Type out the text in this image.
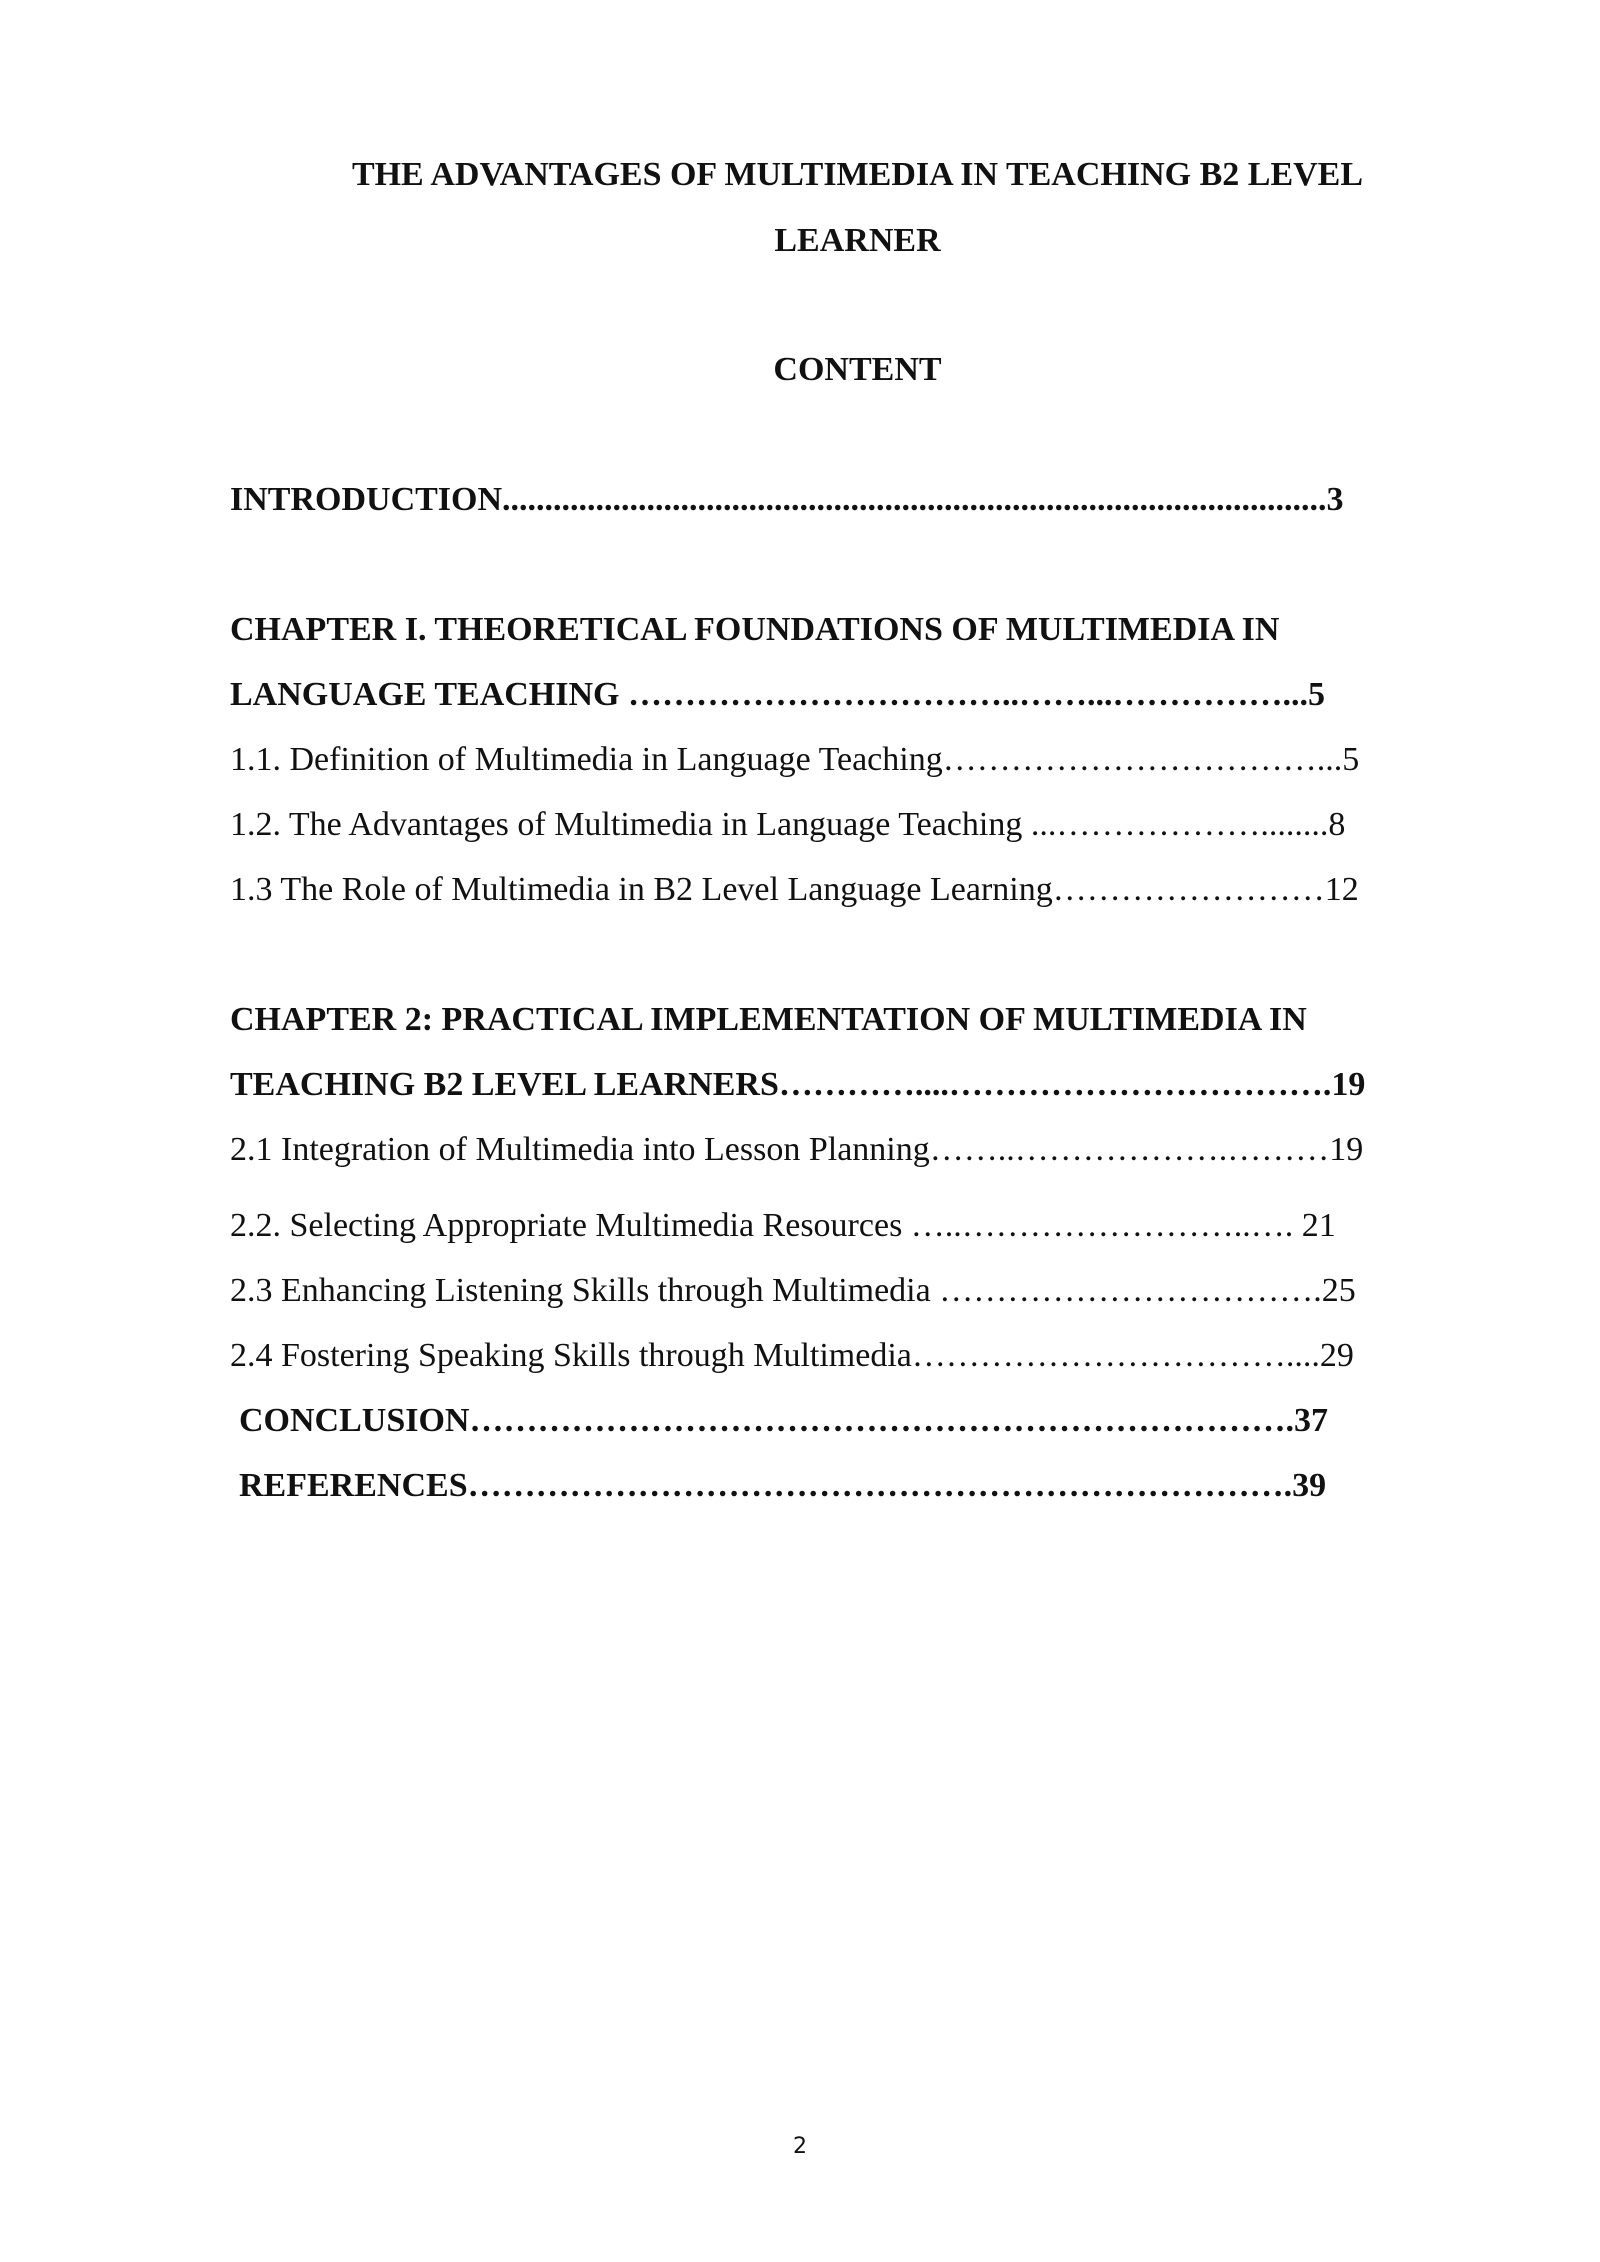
THE ADVANTAGES OF MULTIMEDIA IN TEACHING B2 LEVEL
LEARNER
CONTENT
INTRODUCTION.................................................................................................3
CHAPTER I. THEORETICAL FOUNDATIONS OF MULTIMEDIA IN
LANGUAGE TEACHING ……………………………..……...……………...5
1.1. Definition of Multimedia in Language Teaching……………………………...5
1.2. The Advantages of Multimedia in Language Teaching ...………………........8
1.3 The Role of Multimedia in B2 Level Language Learning……………………12
CHAPTER 2: PRACTICAL IMPLEMENTATION OF MULTIMEDIA IN
TEACHING B2 LEVEL LEARNERS…………....…………………………….19
2.1 Integration of Multimedia into Lesson Planning……..……………….………19
2.2. Selecting Appropriate Multimedia Resources …..……………………..…. 21
2.3 Enhancing Listening Skills through Multimedia …………………………….25
2.4 Fostering Speaking Skills through Multimedia……………………………....29
CONCLUSION……………………………………………………………….37
REFERENCES……………………………………………………………….39
2
